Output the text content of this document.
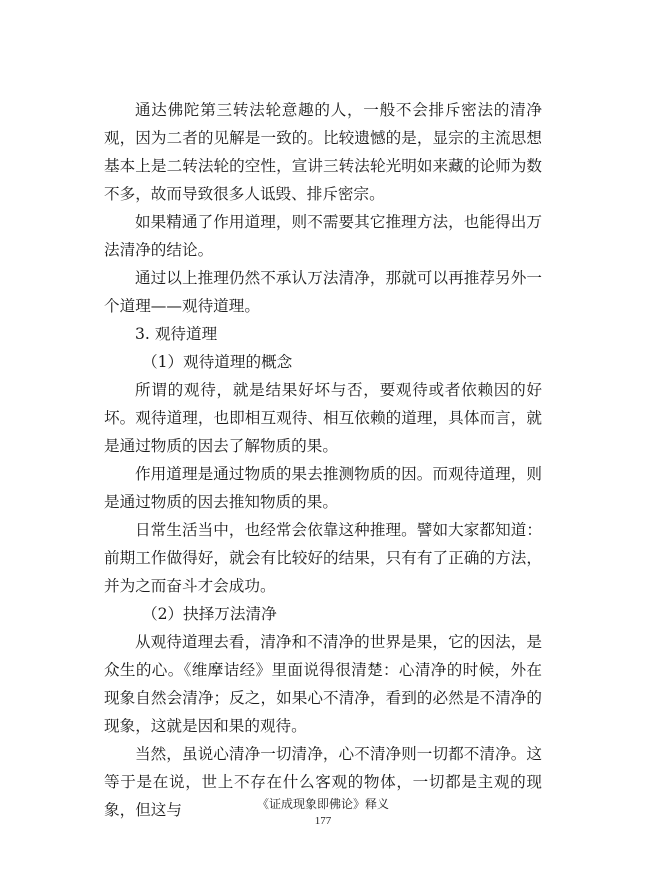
通达佛陀第三转法轮意趣的人，一般不会排斥密法的清净观，因为二者的见解是一致的。比较遗憾的是，显宗的主流思想基本上是二转法轮的空性，宣讲三转法轮光明如来藏的论师为数不多，故而导致很多人诋毁、排斥密宗。

如果精通了作用道理，则不需要其它推理方法，也能得出万法清净的结论。

通过以上推理仍然不承认万法清净，那就可以再推荐另外一个道理——观待道理。

3. 观待道理

（1）观待道理的概念

所谓的观待，就是结果好坏与否，要观待或者依赖因的好坏。观待道理，也即相互观待、相互依赖的道理，具体而言，就是通过物质的因去了解物质的果。

作用道理是通过物质的果去推测物质的因。而观待道理，则是通过物质的因去推知物质的果。

日常生活当中，也经常会依靠这种推理。譬如大家都知道：前期工作做得好，就会有比较好的结果，只有有了正确的方法，并为之而奋斗才会成功。

（2）抉择万法清净

从观待道理去看，清净和不清净的世界是果，它的因法，是众生的心。《维摩诘经》里面说得很清楚：心清净的时候，外在现象自然会清净；反之，如果心不清净，看到的必然是不清净的现象，这就是因和果的观待。

当然，虽说心清净一切清净，心不清净则一切都不清净。这等于是在说，世上不存在什么客观的物体，一切都是主观的现象，但这与	《证成现象即佛论》释义
177
